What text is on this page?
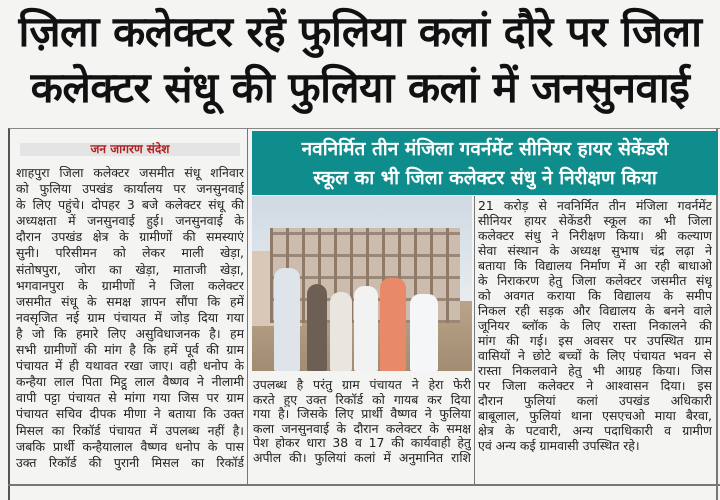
ज़िला कलेक्टर रहें फुलिया कलां दौरे पर जिला
कलेक्टर संधू की फुलिया कलां में जनसुनवाई
जन जागरण संदेश
शाहपुरा जिला कलेक्टर जसमीत संधू शनिवार
को फुलिया उपखंड कार्यालय पर जनसुनवाई
के लिए पहुंचे। दोपहर 3 बजे कलेक्टर संधू की
अध्यक्षता में जनसुनवाई हुई। जनसुनवाई के
दौरान उपखंड क्षेत्र के ग्रामीणों की समस्याएं
सुनी। परिसीमन को लेकर माली खेड़ा,
संतोषपुरा, जोरा का खेड़ा, माताजी खेड़ा,
भगवानपुरा के ग्रामीणों ने जिला कलेक्टर
जसमीत संधू के समक्ष ज्ञापन सौंपा कि हमें
नवसृजित नई ग्राम पंचायत में जोड़ दिया गया
है जो कि हमारे लिए असुविधाजनक है। हम
सभी ग्रामीणों की मांग है कि हमें पूर्व की ग्राम
पंचायत में ही यथावत रखा जाए। वही धनोप के
कन्हैया लाल पिता मिट्ठू लाल वैष्णव ने नीलामी
वापी पट्टा पंचायत से मांगा गया जिस पर ग्राम
पंचायत सचिव दीपक मीणा ने बताया कि उक्त
मिसल का रिकॉर्ड पंचायत में उपलब्ध नहीं है।
जबकि प्रार्थी कन्हैयालाल वैष्णव धनोप के पास
उक्त रिकॉर्ड की पुरानी मिसल का रिकॉर्ड
नवनिर्मित तीन मंजिला गवर्नमेंट सीनियर हायर सेकेंडरी
स्कूल का भी जिला कलेक्टर संधु ने निरीक्षण किया
उपलब्ध है परंतु ग्राम पंचायत ने हेरा फेरी
करते हुए उक्त रिकॉर्ड को गायब कर दिया
गया है। जिसके लिए प्रार्थी वैष्णव ने फुलिया
कला जनसुनवाई के दौरान कलेक्टर के समक्ष
पेश होकर धारा 38 व 17 की कार्यवाही हेतु
अपील की। फुलियां कलां में अनुमानित राशि
21 करोड़ से नवनिर्मित तीन मंजिला गवर्नमेंट
सीनियर हायर सेकेंडरी स्कूल का भी जिला
कलेक्टर संधु ने निरीक्षण किया। श्री कल्याण
सेवा संस्थान के अध्यक्ष सुभाष चंद्र लढ़ा ने
बताया कि विद्यालय निर्माण में आ रही बाधाओ
के निराकरण हेतु जिला कलेक्टर जसमीत संधू
को अवगत कराया कि विद्यालय के समीप
निकल रही सड़क और विद्यालय के बनने वाले
जूनियर ब्लॉक के लिए रास्ता निकालने की
मांग की गई। इस अवसर पर उपस्थित ग्राम
वासियों ने छोटे बच्चों के लिए पंचायत भवन से
रास्ता निकलवाने हेतु भी आग्रह किया। जिस
पर जिला कलेक्टर ने आश्वासन दिया। इस
दौरान फुलियां कलां उपखंड अधिकारी
बाबूलाल, फुलियां थाना एसएचओ माया बैरवा,
क्षेत्र के पटवारी, अन्य पदाधिकारी व ग्रामीण
एवं अन्य कई ग्रामवासी उपस्थित रहे।
